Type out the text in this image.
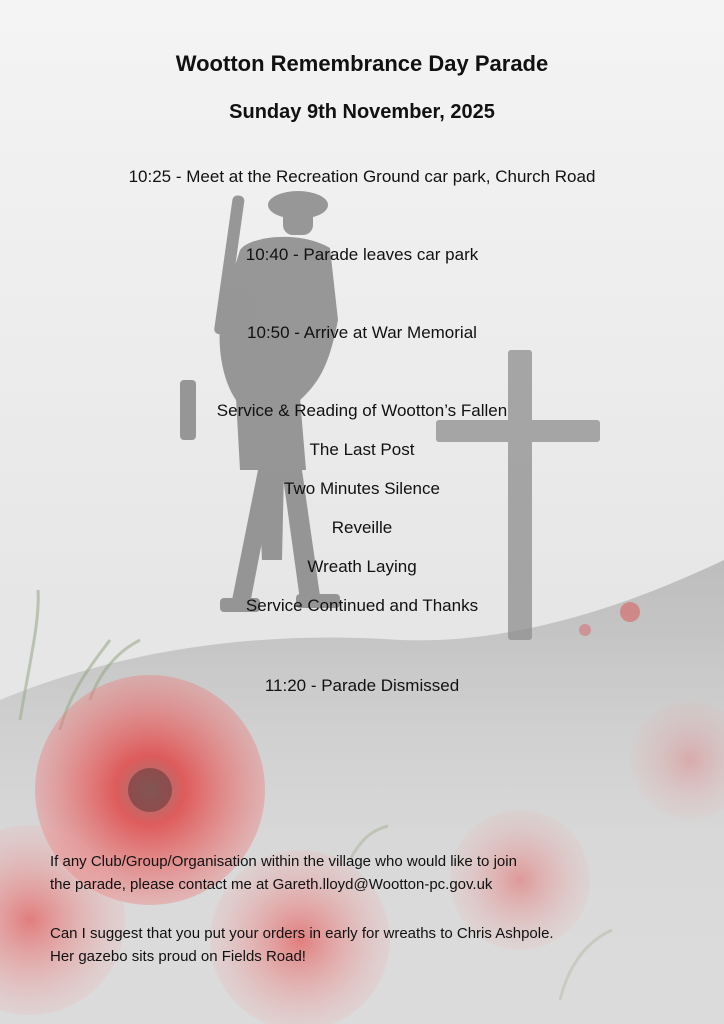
Wootton Remembrance Day Parade
Sunday 9th November, 2025

10:25 - Meet at the Recreation Ground car park, Church Road

10:40 - Parade leaves car park

10:50 - Arrive at War Memorial

Service & Reading of Wootton’s Fallen

The Last Post

Two Minutes Silence

Reveille

Wreath Laying

Service Continued and Thanks

11:20 - Parade Dismissed

If any Club/Group/Organisation within the village who would like to join

the parade, please contact me at Gareth.lloyd@Wootton-pc.gov.uk

Can I suggest that you put your orders in early for wreaths to Chris Ashpole.

Her gazebo sits proud on Fields Road!
